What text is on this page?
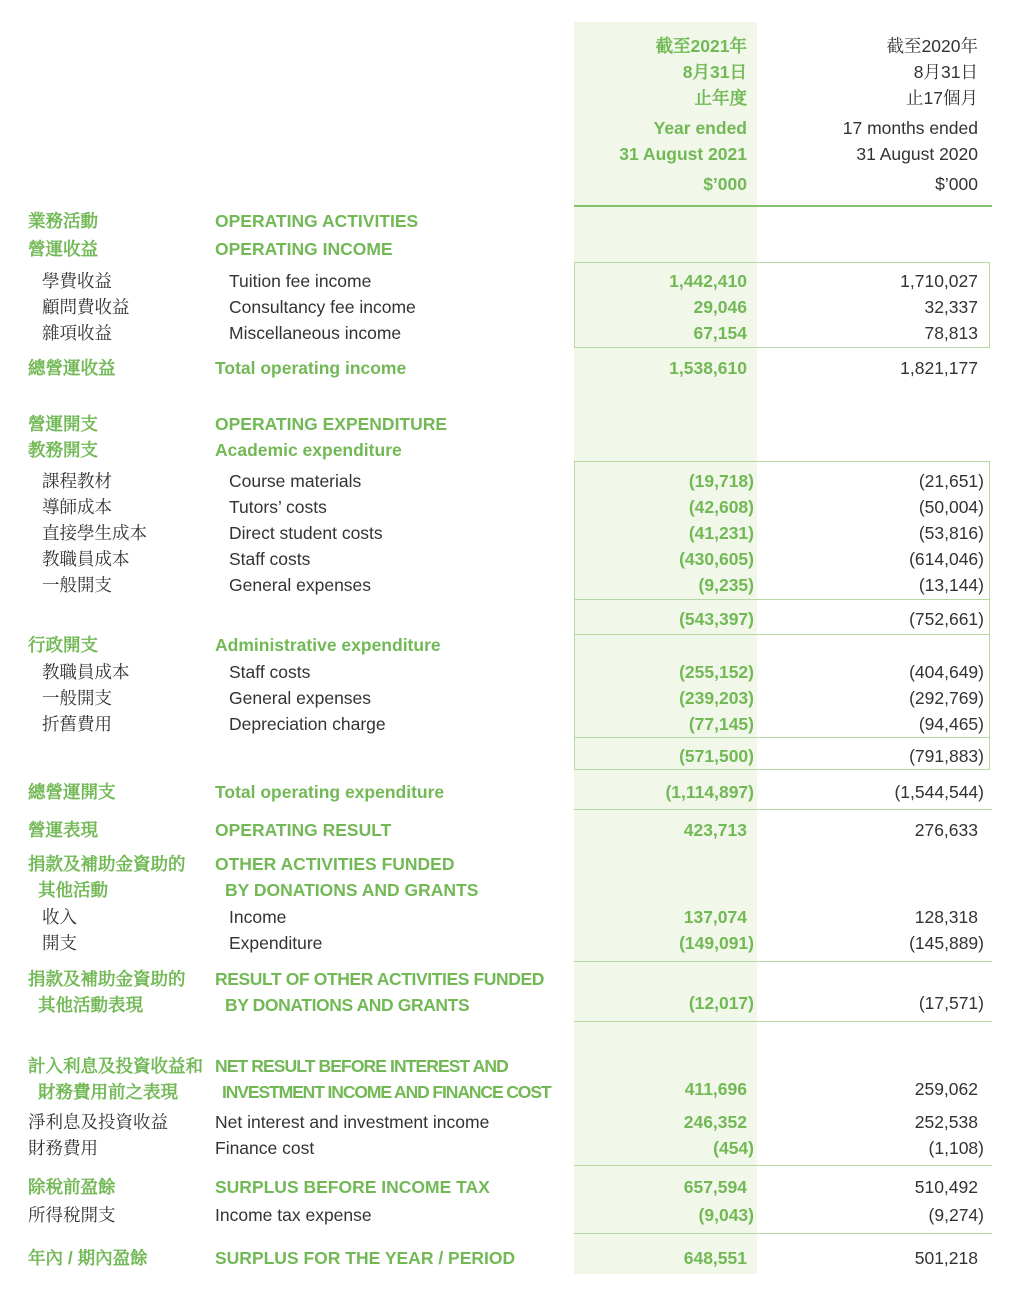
截至2021年
8月31日
止年度
Year ended
31 August 2021
$’000
截至2020年
8月31日
止17個月
17 months ended
31 August 2020
$’000
業務活動	OPERATING ACTIVITIES
營運收益	OPERATING INCOME
學費收益	Tuition fee income	1,442,410	1,710,027
顧問費收益	Consultancy fee income	29,046	32,337
雜項收益	Miscellaneous income	67,154	78,813
總營運收益	Total operating income	1,538,610	1,821,177
營運開支	OPERATING EXPENDITURE
教務開支	Academic expenditure
課程教材	Course materials	(19,718)	(21,651)
導師成本	Tutors’ costs	(42,608)	(50,004)
直接學生成本	Direct student costs	(41,231)	(53,816)
教職員成本	Staff costs	(430,605)	(614,046)
一般開支	General expenses	(9,235)	(13,144)
(543,397)	(752,661)
行政開支	Administrative expenditure
教職員成本	Staff costs	(255,152)	(404,649)
一般開支	General expenses	(239,203)	(292,769)
折舊費用	Depreciation charge	(77,145)	(94,465)
(571,500)	(791,883)
總營運開支	Total operating expenditure	(1,114,897)	(1,544,544)
營運表現	OPERATING RESULT	423,713	276,633
捐款及補助金資助的
其他活動
OTHER ACTIVITIES FUNDED
BY DONATIONS AND GRANTS
收入	Income	137,074	128,318
開支	Expenditure	(149,091)	(145,889)
捐款及補助金資助的
其他活動表現
RESULT OF OTHER ACTIVITIES FUNDED
BY DONATIONS AND GRANTS	(12,017)	(17,571)
計入利息及投資收益和
財務費用前之表現
NET RESULT BEFORE INTEREST AND
INVESTMENT INCOME AND FINANCE COST	411,696	259,062
淨利息及投資收益	Net interest and investment income	246,352	252,538
財務費用	Finance cost	(454)	(1,108)
除稅前盈餘	SURPLUS BEFORE INCOME TAX	657,594	510,492
所得稅開支	Income tax expense	(9,043)	(9,274)
年內 / 期內盈餘	SURPLUS FOR THE YEAR / PERIOD	648,551	501,218
